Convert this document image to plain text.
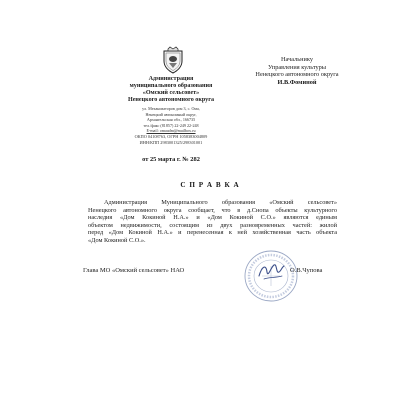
Администрация
муниципального образования
«Омский сельсовет»
Ненецкого автономного округа
ул. Механизаторов дом 3, с. Ома,
Ненецкий автономный округ,
Архангельская обл., 166735
тел./факс (81857) 22-249 22-248
E-mail: omaadm@mailbox.ru
ОКПО 04108763, ОГРН 1058383004809
ИНН/КПП 2983001325/298301001
от 25 марта г. № 282
Начальнику
Управления культуры
Ненецкого автономного округа
И.В.Фоминой
С П Р А В К А
Администрация Муниципального образования «Омский сельсовет»
Ненецкого автономного округа сообщает, что в д.Снопа объекты культурного
наследия «Дом Кокиной Н.А.» и «Дом Кокиной С.О.» являются единым
объектом недвижимости, состоящим из двух разновременных частей: жилой
перед «Дом Кокиной Н.А.» и перенесенная к ней хозяйственная часть объекта
«Дом Кокиной С.О.».
Глава МО «Омский сельсовет» НАО	О.В.Чупова
